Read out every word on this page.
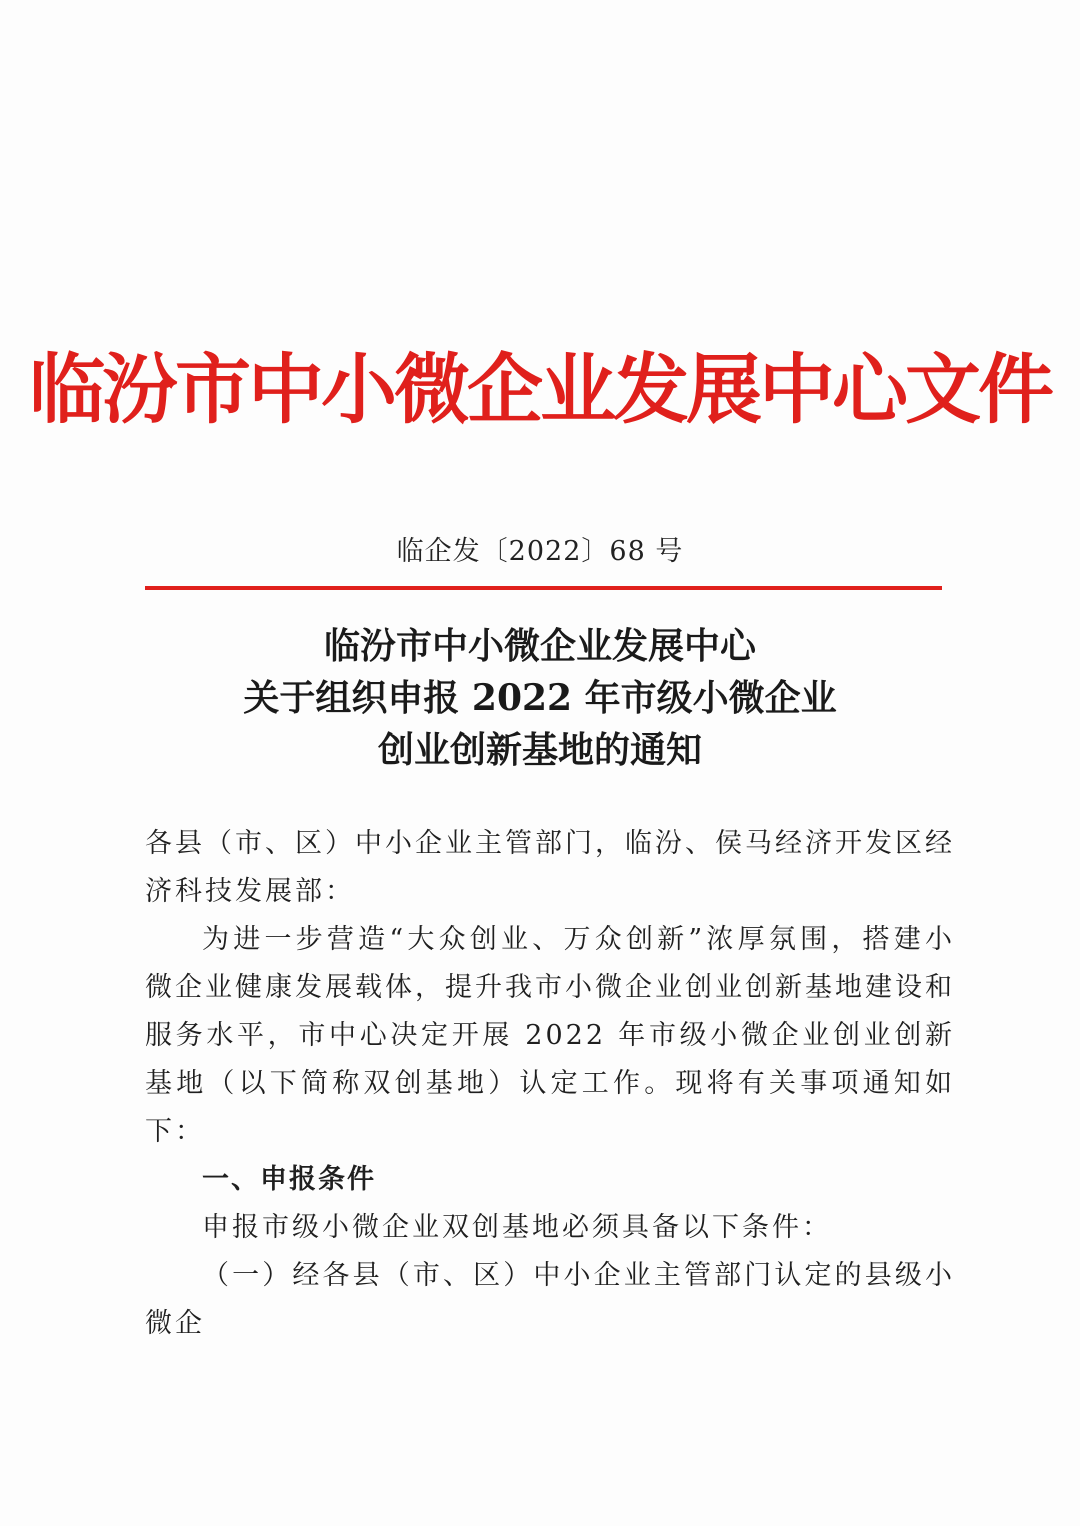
临汾市中小微企业发展中心文件
临企发〔2022〕68 号
临汾市中小微企业发展中心
关于组织申报 2022 年市级小微企业
创业创新基地的通知

各县（市、区）中小企业主管部门，临汾、侯马经济开发区经济科技发展部：

为进一步营造“大众创业、万众创新”浓厚氛围，搭建小微企业健康发展载体，提升我市小微企业创业创新基地建设和服务水平，市中心决定开展 2022 年市级小微企业创业创新基地（以下简称双创基地）认定工作。现将有关事项通知如下：

一、申报条件

申报市级小微企业双创基地必须具备以下条件：

（一）经各县（市、区）中小企业主管部门认定的县级小微企
